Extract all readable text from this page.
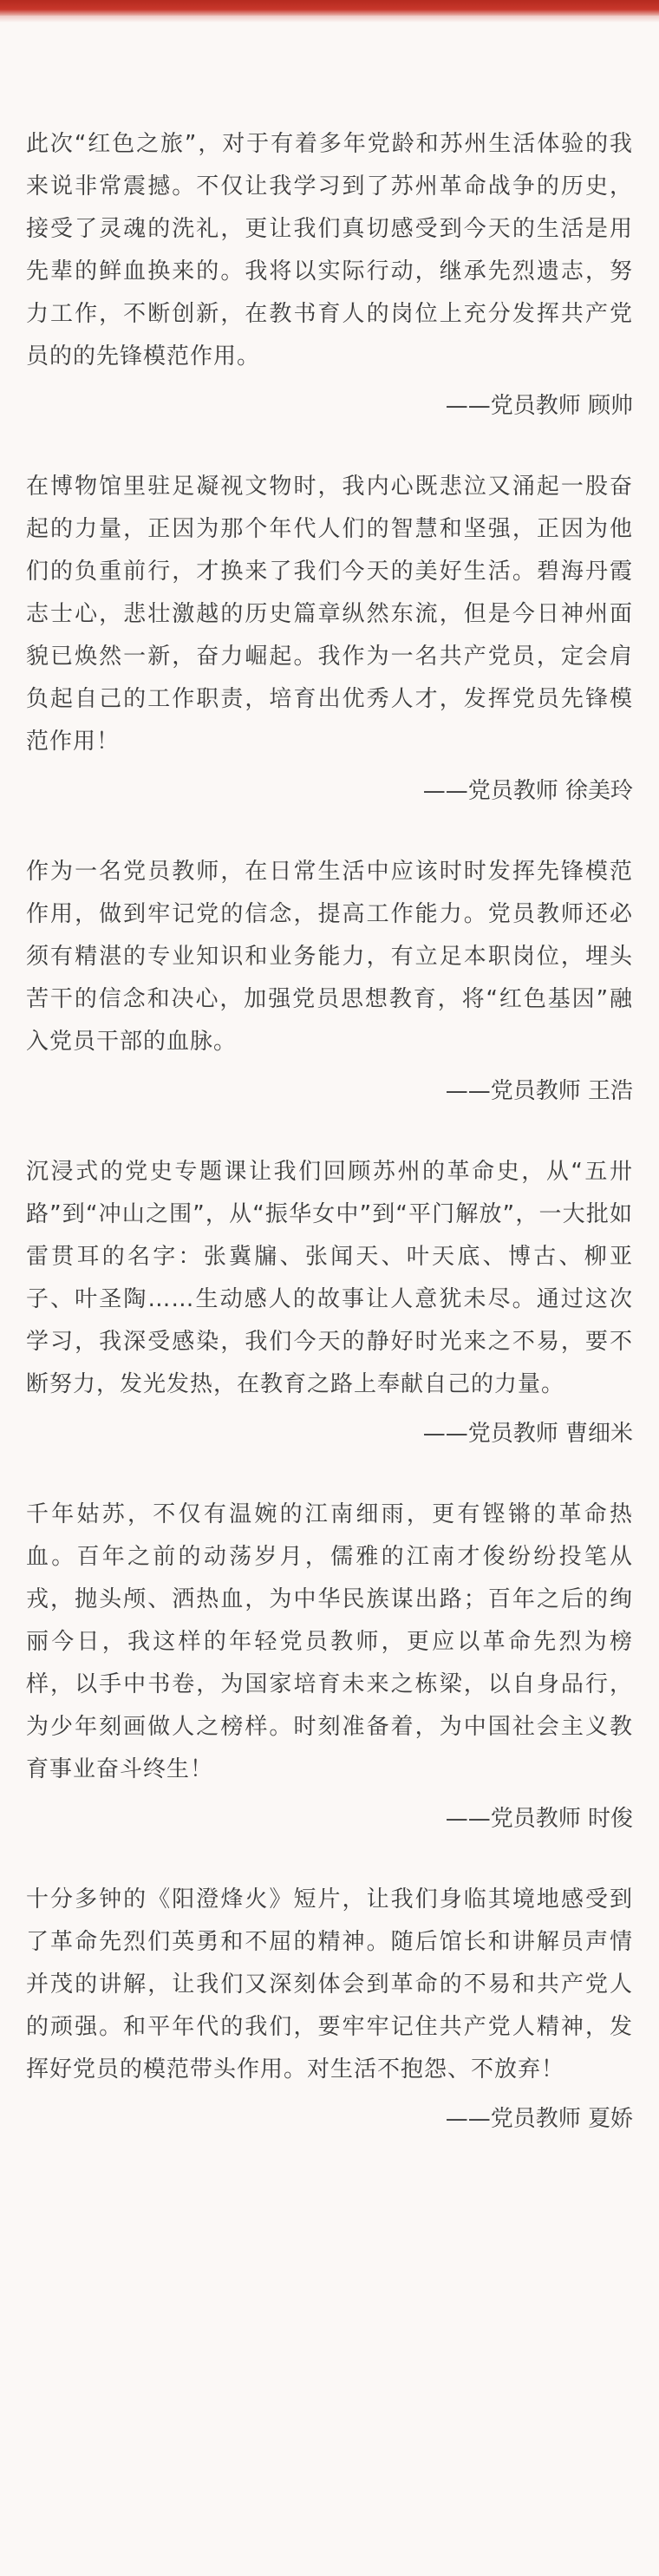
此次“红色之旅”，对于有着多年党龄和苏州生活体验的我来说非常震撼。不仅让我学习到了苏州革命战争的历史，接受了灵魂的洗礼，更让我们真切感受到今天的生活是用先辈的鲜血换来的。我将以实际行动，继承先烈遗志，努力工作，不断创新，在教书育人的岗位上充分发挥共产党员的的先锋模范作用。

——党员教师 顾帅

在博物馆里驻足凝视文物时，我内心既悲泣又涌起一股奋起的力量，正因为那个年代人们的智慧和坚强，正因为他们的负重前行，才换来了我们今天的美好生活。碧海丹霞志士心，悲壮激越的历史篇章纵然东流，但是今日神州面貌已焕然一新，奋力崛起。我作为一名共产党员，定会肩负起自己的工作职责，培育出优秀人才，发挥党员先锋模范作用！

——党员教师 徐美玲

作为一名党员教师，在日常生活中应该时时发挥先锋模范作用，做到牢记党的信念，提高工作能力。党员教师还必须有精湛的专业知识和业务能力，有立足本职岗位，埋头苦干的信念和决心，加强党员思想教育，将“红色基因”融入党员干部的血脉。

——党员教师 王浩

沉浸式的党史专题课让我们回顾苏州的革命史，从“五卅路”到“冲山之围”，从“振华女中”到“平门解放”，一大批如雷贯耳的名字：张冀牖、张闻天、叶天底、博古、柳亚子、叶圣陶……生动感人的故事让人意犹未尽。通过这次学习，我深受感染，我们今天的静好时光来之不易，要不断努力，发光发热，在教育之路上奉献自己的力量。

——党员教师 曹细米

千年姑苏，不仅有温婉的江南细雨，更有铿锵的革命热血。百年之前的动荡岁月，儒雅的江南才俊纷纷投笔从戎，抛头颅、洒热血，为中华民族谋出路；百年之后的绚丽今日，我这样的年轻党员教师，更应以革命先烈为榜样，以手中书卷，为国家培育未来之栋梁，以自身品行，为少年刻画做人之榜样。时刻准备着，为中国社会主义教育事业奋斗终生！

——党员教师 时俊

十分多钟的《阳澄烽火》短片，让我们身临其境地感受到了革命先烈们英勇和不屈的精神。随后馆长和讲解员声情并茂的讲解，让我们又深刻体会到革命的不易和共产党人的顽强。和平年代的我们，要牢牢记住共产党人精神，发挥好党员的模范带头作用。对生活不抱怨、不放弃！

——党员教师 夏娇
